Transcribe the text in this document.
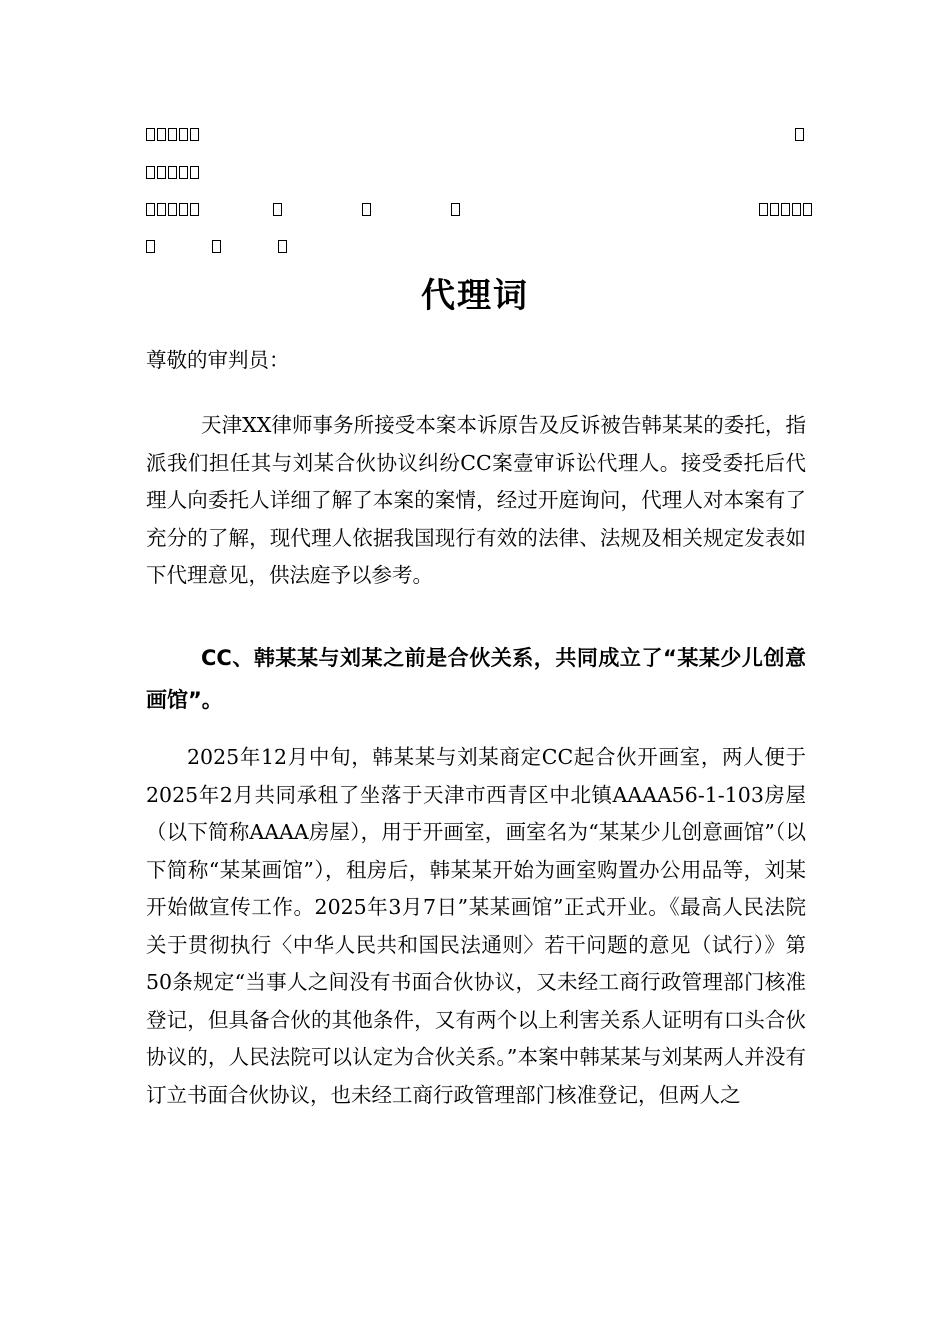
代理词

尊敬的审判员：

天津XX律师事务所接受本案本诉原告及反诉被告韩某某的委托，指派我们担任其与刘某合伙协议纠纷CC案壹审诉讼代理人。接受委托后代理人向委托人详细了解了本案的案情，经过开庭询问，代理人对本案有了充分的了解，现代理人依据我国现行有效的法律、法规及相关规定发表如下代理意见，供法庭予以参考。

CC、韩某某与刘某之前是合伙关系，共同成立了“某某少儿创意画馆”。

2025年12月中旬，韩某某与刘某商定CC起合伙开画室，两人便于2025年2月共同承租了坐落于天津市西青区中北镇AAAA56-1-103房屋（以下简称AAAA房屋），用于开画室，画室名为“某某少儿创意画馆”（以下简称“某某画馆”），租房后，韩某某开始为画室购置办公用品等，刘某开始做宣传工作。2025年3月7日”某某画馆”正式开业。《最高人民法院关于贯彻执行〈中华人民共和国民法通则〉若干问题的意见（试行）》第50条规定“当事人之间没有书面合伙协议，又未经工商行政管理部门核准登记，但具备合伙的其他条件，又有两个以上利害关系人证明有口头合伙协议的，人民法院可以认定为合伙关系。”本案中韩某某与刘某两人并没有订立书面合伙协议，也未经工商行政管理部门核准登记，但两人之
